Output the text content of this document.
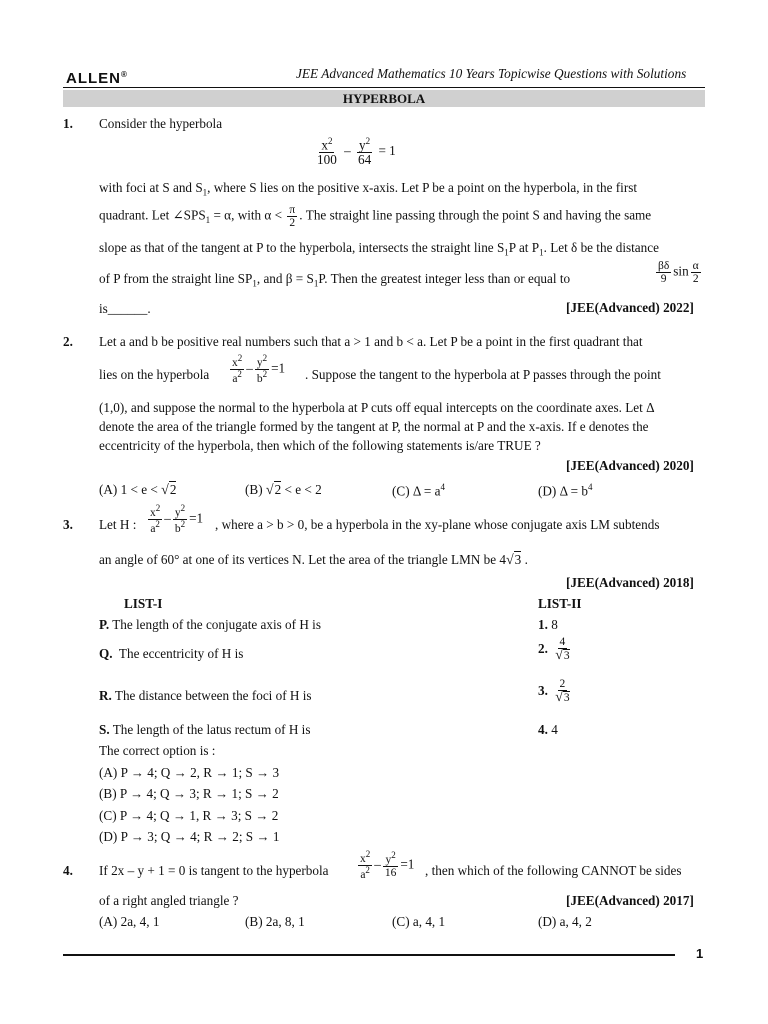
ALLEN®	JEE Advanced Mathematics 10 Years Topicwise Questions with Solutions
HYPERBOLA
1. Consider the hyperbola
$\frac{x^2}{100} - \frac{y^2}{64} = 1$
with foci at S and $S_1$, where S lies on the positive x-axis. Let P be a point on the hyperbola, in the first
quadrant. Let $\angle SPS_1 = \alpha$, with $\alpha < \frac{\pi}{2}$ . The straight line passing through the point S and having the same
slope as that of the tangent at P to the hyperbola, intersects the straight line $S_1P$ at $P_1$. Let δ be the distance
of P from the straight line $SP_1$, and $\beta = S_1P$. Then the greatest integer less than or equal to	$\frac{\beta\delta}{9}$ $\sin \frac{\alpha}{2}$
is______.	[JEE(Advanced) 2022]
2. Let a and b be positive real numbers such that a > 1 and b < a. Let P be a point in the first quadrant that
lies on the hyperbola $\frac{x^2}{a^2} - \frac{y^2}{b^2} =1$ . Suppose the tangent to the hyperbola at P passes through the point
(1,0), and suppose the normal to the hyperbola at P cuts off equal intercepts on the coordinate axes. Let Δ
denote the area of the triangle formed by the tangent at P, the normal at P and the x-axis. If e denotes the
eccentricity of the hyperbola, then which of the following statements is/are TRUE ?
[JEE(Advanced) 2020]
(A) 1 < e < √2	(B) √2 < e < 2	(C) $\Delta = a^4$	(D) $\Delta = b^4$
3. Let H : $\frac{x^2}{a^2} - \frac{y^2}{b^2} =1$ , where a > b > 0, be a hyperbola in the xy-plane whose conjugate axis LM subtends
an angle of 60° at one of its vertices N. Let the area of the triangle LMN be 4√3 .
[JEE(Advanced) 2018]
LIST-I	LIST-II
P. The length of the conjugate axis of H is	1. 8
Q. The eccentricity of H is	2. $\frac{4}{√3}$
R. The distance between the foci of H is	3. $\frac{2}{√3}$
S. The length of the latus rectum of H is	4. 4
The correct option is :
(A) P → 4; Q → 2, R → 1; S → 3
(B) P → 4; Q → 3; R → 1; S → 2
(C) P → 4; Q → 1, R → 3; S → 2
(D) P → 3; Q → 4; R → 2; S → 1
4. If 2x – y + 1 = 0 is tangent to the hyperbola	$\frac{x^2}{a^2} - \frac{y^2}{16} =1$ , then which of the following CANNOT be sides
of a right angled triangle ?	[JEE(Advanced) 2017]
(A) 2a, 4, 1	(B) 2a, 8, 1	(C) a, 4, 1	(D) a, 4, 2
1
